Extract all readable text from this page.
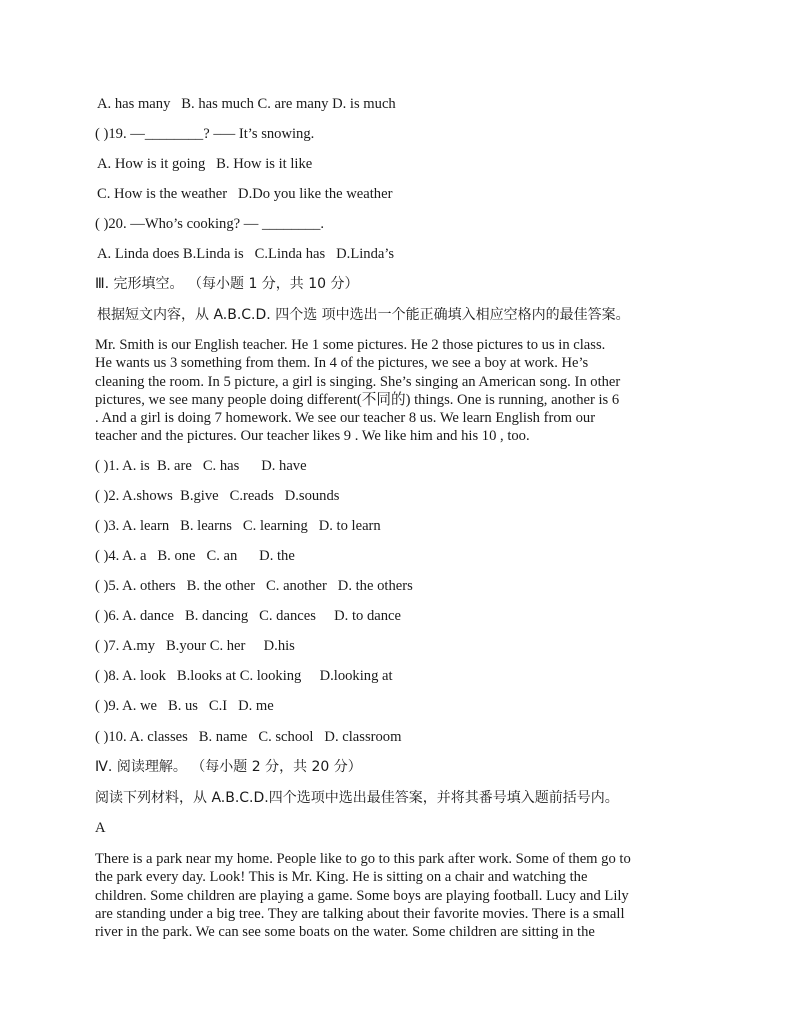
A. has many   B. has much C. are many D. is much
( )19. —________? –— It’s snowing.
A. How is it going   B. How is it like
C. How is the weather   D.Do you like the weather
( )20. —Who’s cooking? — ________.
A. Linda does B.Linda is   C.Linda has   D.Linda’s
Ⅲ. 完形填空。 （每小题 1 分，共 10 分）
根据短文内容，从 A.B.C.D. 四个选 项中选出一个能正确填入相应空格内的最佳答案。
Mr. Smith is our English teacher. He 1 some pictures. He 2 those pictures to us in class.
He wants us 3 something from them. In 4 of the pictures, we see a boy at work. He’s
cleaning the room. In 5 picture, a girl is singing. She’s singing an American song. In other
pictures, we see many people doing different(不同的) things. One is running, another is 6
. And a girl is doing 7 homework. We see our teacher 8 us. We learn English from our
teacher and the pictures. Our teacher likes 9 . We like him and his 10 , too.
( )1. A. is  B. are   C. has      D. have
( )2. A.shows  B.give   C.reads   D.sounds
( )3. A. learn   B. learns   C. learning   D. to learn
( )4. A. a   B. one   C. an      D. the
( )5. A. others   B. the other   C. another   D. the others
( )6. A. dance   B. dancing   C. dances     D. to dance
( )7. A.my   B.your C. her     D.his
( )8. A. look   B.looks at C. looking     D.looking at
( )9. A. we   B. us   C.I   D. me
( )10. A. classes   B. name   C. school   D. classroom
Ⅳ. 阅读理解。 （每小题 2 分，共 20 分）
阅读下列材料，从 A.B.C.D.四个选项中选出最佳答案，并将其番号填入题前括号内。
A
There is a park near my home. People like to go to this park after work. Some of them go to
the park every day. Look! This is Mr. King. He is sitting on a chair and watching the
children. Some children are playing a game. Some boys are playing football. Lucy and Lily
are standing under a big tree. They are talking about their favorite movies. There is a small
river in the park. We can see some boats on the water. Some children are sitting in the
